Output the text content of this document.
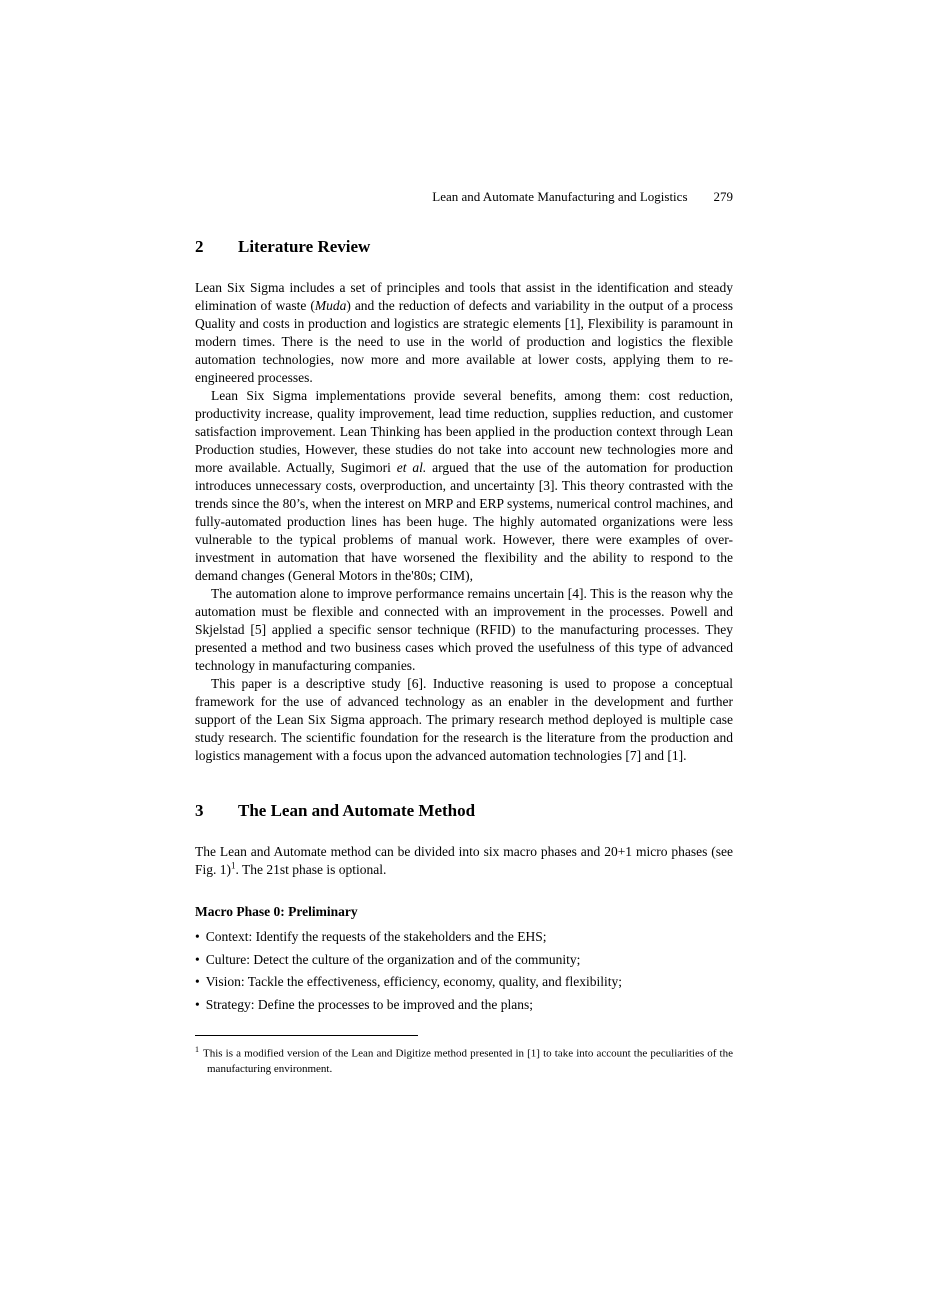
Lean and Automate Manufacturing and Logistics 279
2 Literature Review

Lean Six Sigma includes a set of principles and tools that assist in the identification and steady elimination of waste (Muda) and the reduction of defects and variability in the output of a process Quality and costs in production and logistics are strategic elements [1], Flexibility is paramount in modern times. There is the need to use in the world of production and logistics the flexible automation technologies, now more and more available at lower costs, applying them to re-engineered processes.

Lean Six Sigma implementations provide several benefits, among them: cost reduction, productivity increase, quality improvement, lead time reduction, supplies reduction, and customer satisfaction improvement. Lean Thinking has been applied in the production context through Lean Production studies, However, these studies do not take into account new technologies more and more available. Actually, Sugimori et al. argued that the use of the automation for production introduces unnecessary costs, overproduction, and uncertainty [3]. This theory contrasted with the trends since the 80’s, when the interest on MRP and ERP systems, numerical control machines, and fully-automated production lines has been huge. The highly automated organizations were less vulnerable to the typical problems of manual work. However, there were examples of over-investment in automation that have worsened the flexibility and the ability to respond to the demand changes (General Motors in the'80s; CIM),

The automation alone to improve performance remains uncertain [4]. This is the reason why the automation must be flexible and connected with an improvement in the processes. Powell and Skjelstad [5] applied a specific sensor technique (RFID) to the manufacturing processes. They presented a method and two business cases which proved the usefulness of this type of advanced technology in manufacturing companies.

This paper is a descriptive study [6]. Inductive reasoning is used to propose a conceptual framework for the use of advanced technology as an enabler in the development and further support of the Lean Six Sigma approach. The primary research method deployed is multiple case study research. The scientific foundation for the research is the literature from the production and logistics management with a focus upon the advanced automation technologies [7] and [1].

3 The Lean and Automate Method

The Lean and Automate method can be divided into six macro phases and 20+1 micro phases (see Fig. 1)$^1$. The 21st phase is optional.

Macro Phase 0: Preliminary

• Context: Identify the requests of the stakeholders and the EHS;
• Culture: Detect the culture of the organization and of the community;
• Vision: Tackle the effectiveness, efficiency, economy, quality, and flexibility;
• Strategy: Define the processes to be improved and the plans;

$^1$ This is a modified version of the Lean and Digitize method presented in [1] to take into account the peculiarities of the manufacturing environment.
